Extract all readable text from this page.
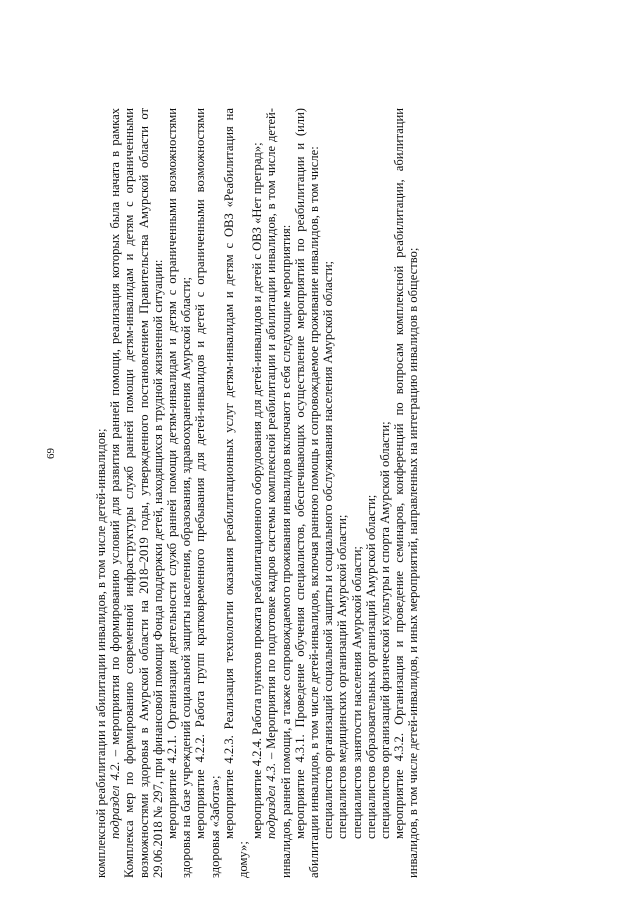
69	комплексной реабилитации и абилитации инвалидов, в том числе детей-инвалидов; подраздел 4.2. – мероприятия по формированию условий для развития ранней помощи, реализация которых была начата в рамках Комплекса мер по формированию современной инфраструктуры служб ранней помощи детям-инвалидам и детям с ограниченными возможностями здоровья в Амурской области на 2018–2019 годы, утвержденного постановлением Правительства Амурской области от 29.06.2018 № 297, при финансовой помощи Фонда поддержки детей, находящихся в трудной жизненной ситуации: мероприятие 4.2.1. Организация деятельности служб ранней помощи детям-инвалидам и детям с ограниченными возможностями здоровья на базе учреждений социальной защиты населения, образования, здравоохранения Амурской области; мероприятие 4.2.2. Работа групп кратковременного пребывания для детей-инвалидов и детей с ограниченными возможностями здоровья «Забота»; мероприятие 4.2.3. Реализация технологии оказания реабилитационных услуг детям-инвалидам и детям с ОВЗ «Реабилитация на дому»;

мероприятие 4.2.4. Работа пунктов проката реабилитационного оборудования для детей-инвалидов и детей с ОВЗ «Нет преград»; подраздел 4.3. – Мероприятия по подготовке кадров системы комплексной реабилитации и абилитации инвалидов, в том числе детей-инвалидов, ранней помощи, а также сопровождаемого проживания инвалидов включают в себя следующие мероприятия: мероприятие 4.3.1. Проведение обучения специалистов, обеспечивающих осуществление мероприятий по реабилитации и (или) абилитации инвалидов, в том числе детей-инвалидов, включая раннюю помощь и сопровождаемое проживание инвалидов, в том числе: специалистов организаций социальной защиты и социального обслуживания населения Амурской области; специалистов медицинских организаций Амурской области; специалистов занятости населения Амурской области; специалистов образовательных организаций Амурской области; специалистов организаций физической культуры и спорта Амурской области; мероприятие 4.3.2. Организация и проведение семинаров, конференций по вопросам комплексной реабилитации, абилитации инвалидов, в том числе детей-инвалидов, и иных мероприятий, направленных на интеграцию инвалидов в общество;
